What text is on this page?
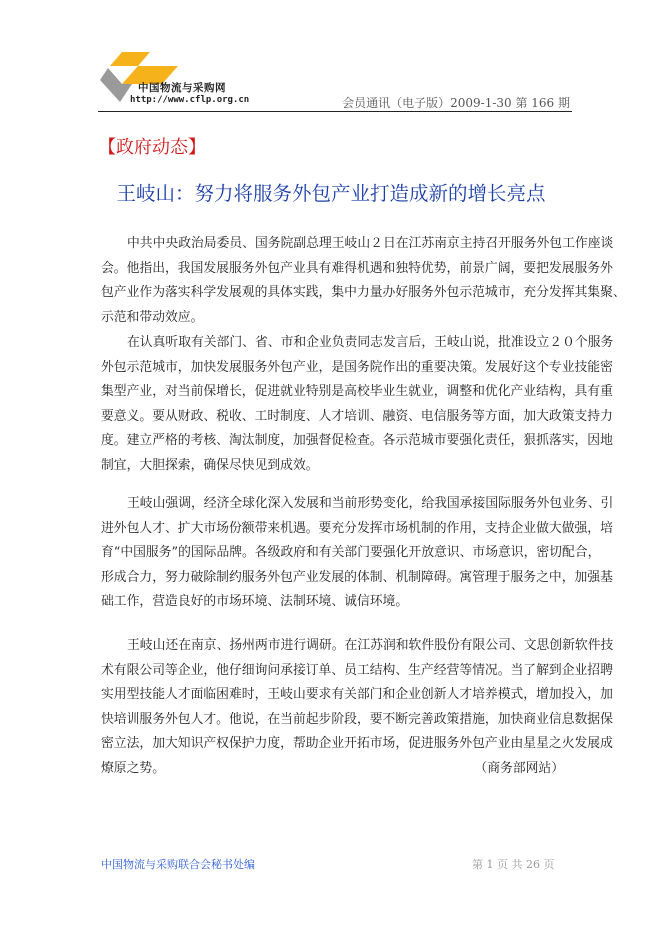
中国物流与采购网
http://www.cflp.org.cn	会员通讯（电子版）2009-1-30 第 166 期
【政府动态】
王岐山：努力将服务外包产业打造成新的增长亮点
中共中央政治局委员、国务院副总理王岐山２日在江苏南京主持召开服务外包工作座谈
会。他指出，我国发展服务外包产业具有难得机遇和独特优势，前景广阔，要把发展服务外
包产业作为落实科学发展观的具体实践，集中力量办好服务外包示范城市，充分发挥其集聚、
示范和带动效应。
在认真听取有关部门、省、市和企业负责同志发言后，王岐山说，批准设立２０个服务
外包示范城市，加快发展服务外包产业，是国务院作出的重要决策。发展好这个专业技能密
集型产业，对当前保增长，促进就业特别是高校毕业生就业，调整和优化产业结构，具有重
要意义。要从财政、税收、工时制度、人才培训、融资、电信服务等方面，加大政策支持力
度。建立严格的考核、淘汰制度，加强督促检查。各示范城市要强化责任，狠抓落实，因地
制宜，大胆探索，确保尽快见到成效。
王岐山强调，经济全球化深入发展和当前形势变化，给我国承接国际服务外包业务、引
进外包人才、扩大市场份额带来机遇。要充分发挥市场机制的作用，支持企业做大做强，培
育“中国服务”的国际品牌。各级政府和有关部门要强化开放意识、市场意识，密切配合，
形成合力，努力破除制约服务外包产业发展的体制、机制障碍。寓管理于服务之中，加强基
础工作，营造良好的市场环境、法制环境、诚信环境。
王岐山还在南京、扬州两市进行调研。在江苏润和软件股份有限公司、文思创新软件技
术有限公司等企业，他仔细询问承接订单、员工结构、生产经营等情况。当了解到企业招聘
实用型技能人才面临困难时，王岐山要求有关部门和企业创新人才培养模式，增加投入，加
快培训服务外包人才。他说，在当前起步阶段，要不断完善政策措施，加快商业信息数据保
密立法，加大知识产权保护力度，帮助企业开拓市场，促进服务外包产业由星星之火发展成
燎原之势。	（商务部网站）
中国物流与采购联合会秘书处编	第 1 页 共 26 页
